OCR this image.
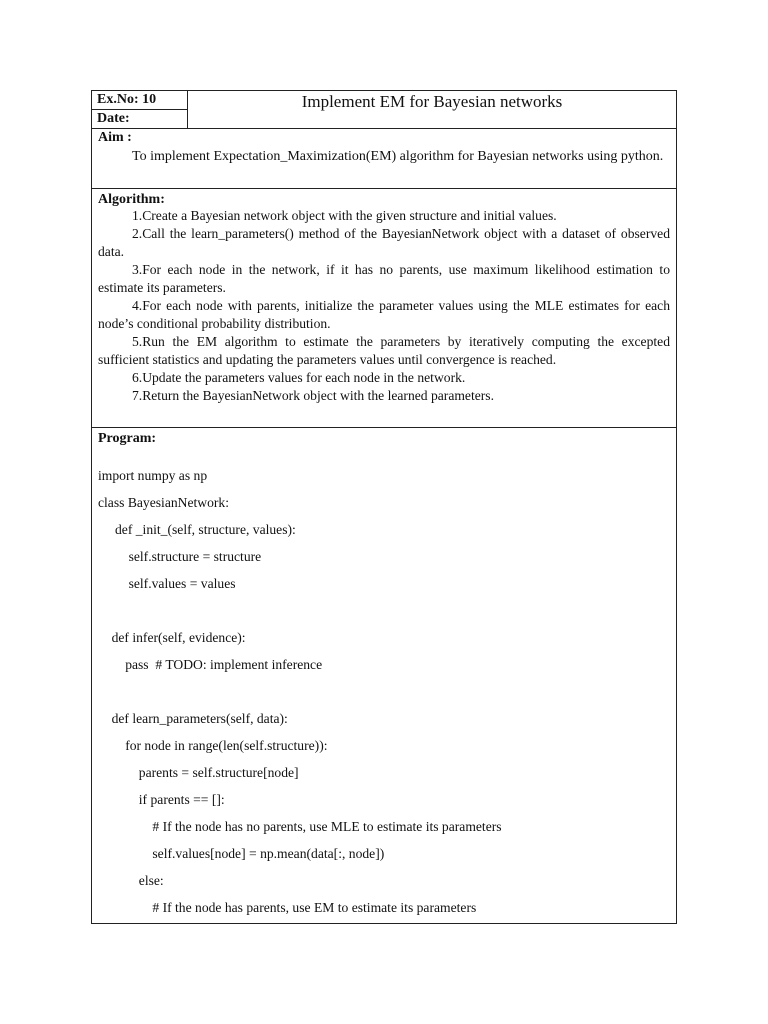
Ex.No: 10
Date:
Implement EM for Bayesian networks
Aim :
To implement Expectation_Maximization(EM) algorithm for Bayesian networks using python.
Algorithm:

1.Create a Bayesian network object with the given structure and initial values.

2.Call the learn_parameters() method of the BayesianNetwork object with a dataset of observed data.

3.For each node in the network, if it has no parents, use maximum likelihood estimation to estimate its parameters.

4.For each node with parents, initialize the parameter values using the MLE estimates for each node’s conditional probability distribution.

5.Run the EM algorithm to estimate the parameters by iteratively computing the excepted sufficient statistics and updating the parameters values until convergence is reached.

6.Update the parameters values for each node in the network.

7.Return the BayesianNetwork object with the learned parameters.

Program:
import numpy as np
class BayesianNetwork:
def _init_(self, structure, values):
self.structure = structure
self.values = values
def infer(self, evidence):
pass  # TODO: implement inference
def learn_parameters(self, data):
for node in range(len(self.structure)):
parents = self.structure[node]
if parents == []:
# If the node has no parents, use MLE to estimate its parameters
self.values[node] = np.mean(data[:, node])
else:
# If the node has parents, use EM to estimate its parameters
